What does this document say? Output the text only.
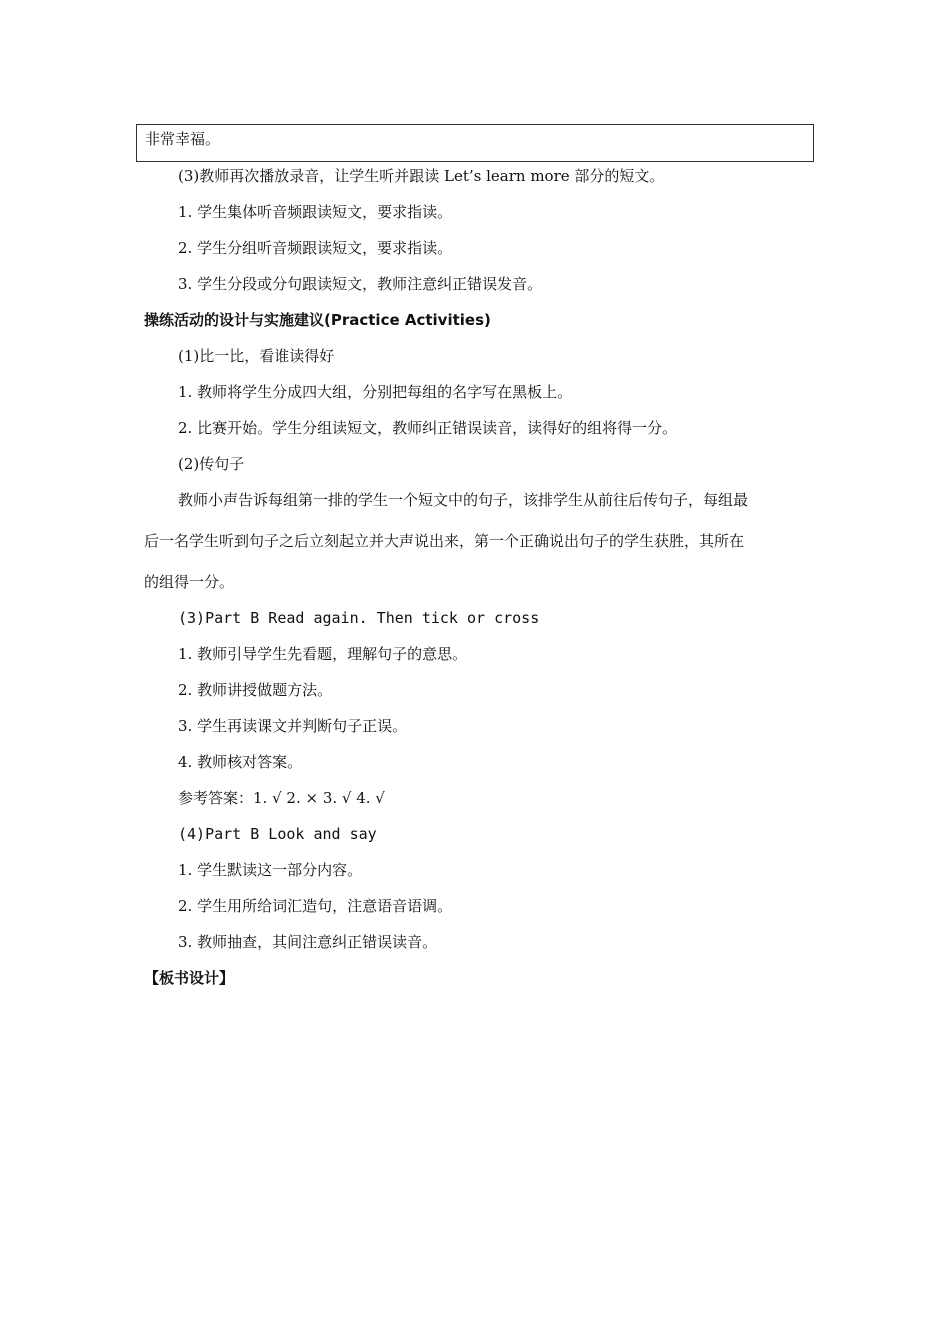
非常幸福。
(3)教师再次播放录音，让学生听并跟读 Let’s learn more 部分的短文。
1. 学生集体听音频跟读短文，要求指读。
2. 学生分组听音频跟读短文，要求指读。
3. 学生分段或分句跟读短文，教师注意纠正错误发音。
操练活动的设计与实施建议(Practice Activities)
(1)比一比，看谁读得好
1. 教师将学生分成四大组，分别把每组的名字写在黑板上。
2. 比赛开始。学生分组读短文，教师纠正错误读音，读得好的组将得一分。
(2)传句子
教师小声告诉每组第一排的学生一个短文中的句子，该排学生从前往后传句子，每组最
后一名学生听到句子之后立刻起立并大声说出来，第一个正确说出句子的学生获胜，其所在
的组得一分。
(3)Part B Read again. Then tick or cross
1. 教师引导学生先看题，理解句子的意思。
2. 教师讲授做题方法。
3. 学生再读课文并判断句子正误。
4. 教师核对答案。
参考答案：1. √ 2. × 3. √ 4. √
(4)Part B Look and say
1. 学生默读这一部分内容。
2. 学生用所给词汇造句，注意语音语调。
3. 教师抽查，其间注意纠正错误读音。
【板书设计】
